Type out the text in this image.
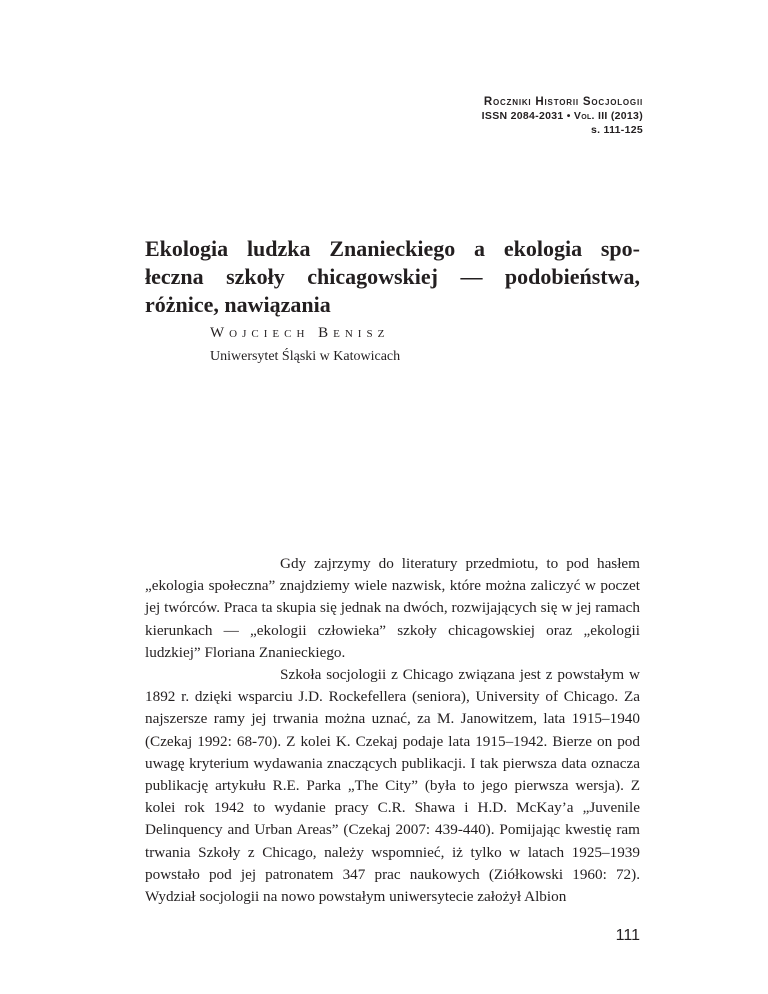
Roczniki Historii Socjologii
ISSN 2084-2031 • Vol. III (2013)
s. 111-125
Ekologia ludzka Znanieckiego a ekologia spo-
łeczna szkoły chicagowskiej — podobieństwa,
różnice, nawiązania

Wojciech Benisz

Uniwersytet Śląski w Katowicach

Gdy zajrzymy do literatury przedmiotu, to pod hasłem „ekologia społeczna” znajdziemy wiele nazwisk, które można zaliczyć w poczet jej twórców. Praca ta skupia się jednak na dwóch, rozwijających się w jej ramach kierunkach — „ekologii człowieka” szkoły chicagowskiej oraz „ekologii ludzkiej” Floriana Znanieckiego.

Szkoła socjologii z Chicago związana jest z powstałym w 1892 r. dzięki wsparciu J.D. Rockefellera (seniora), University of Chicago. Za najszersze ramy jej trwania można uznać, za M. Janowitzem, lata 1915–1940 (Czekaj 1992: 68-70). Z kolei K. Czekaj podaje lata 1915–1942. Bierze on pod uwagę kryterium wydawania znaczących publikacji. I tak pierwsza data oznacza publikację artykułu R.E. Parka „The City” (była to jego pierwsza wersja). Z kolei rok 1942 to wydanie pracy C.R. Shawa i H.D. McKay’a „Juvenile Delinquency and Urban Areas” (Czekaj 2007: 439-440). Pomijając kwestię ram trwania Szkoły z Chicago, należy wspomnieć, iż tylko w latach 1925–1939 powstało pod jej patronatem 347 prac naukowych (Ziółkowski 1960: 72). Wydział socjologii na nowo powstałym uniwersytecie założył Albion

111
